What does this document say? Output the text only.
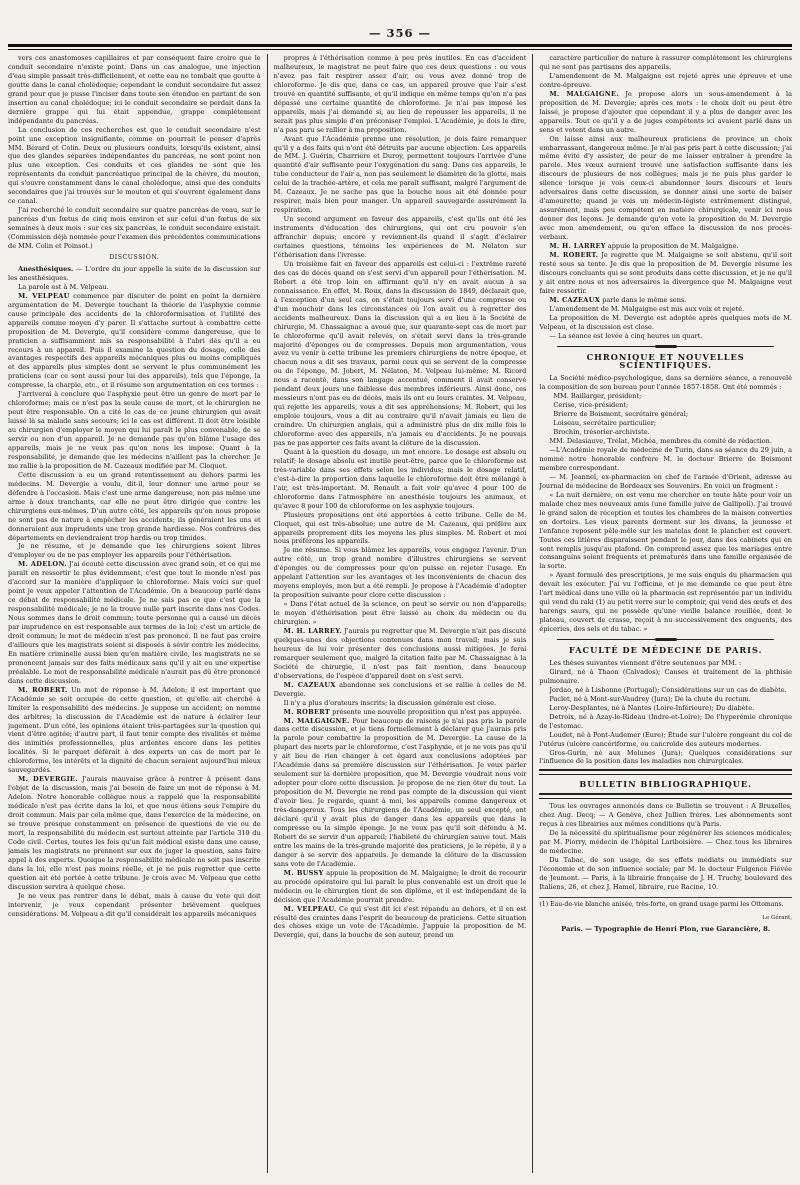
— 356 —

vers ces anastomoses capillaires et par conséquent faire croire que le conduit secondaire n'existe point. Dans un cas analogue, une injection d'eau simple passait très-difficilement, et cette eau ne tombait que goutte à goutte dans le canal cholédoque; cependant le conduit secondaire fut assez grand pour que je pusse l'inciser dans toute son étendue en partant de son insertion au canal cholédoque; ici le conduit secondaire se perdait dans la dernière grappe qui lui était appendue, grappe complétement indépendante du pancréas.

La conclusion de ces recherches est que le conduit secondaire n'est point une exception insignifiante, comme on pourrait le penser d'après MM. Bérard et Colin. Deux ou plusieurs conduits, lorsqu'ils existent, ainsi que des glandes séparées indépendantes du pancréas, ne sont point non plus une exception. Ces conduits et ces glandes ne sont que les représentants du conduit pancréatique principal de la chèvre, du mouton, qui s'ouvre constamment dans le canal cholédoque, ainsi que des conduits secondaires que j'ai trouvés sur le mouton et qui s'ouvrent également dans ce canal.

J'ai recherché le conduit secondaire sur quatre pancréas de veau, sur le pancréas d'un fœtus de cinq mois environ et sur celui d'un fœtus de six semaines à deux mois : sur ces six pancréas, le conduit secondaire existait. (Commission déjà nommée pour l'examen des précédentes communications de MM. Colin et Poinsot.)

DISCUSSION.

Anesthésiques. — L'ordre du jour appelle la suite de la discussion sur les anesthésiques.

La parole est à M. Velpeau.

M. VELPEAU commence par discuter de point en point la dernière argumentation de M. Devergie touchant la théorie de l'asphyxie comme cause principale des accidents de la chloroformisation et l'utilité des appareils comme moyen d'y parer. Il s'attache surtout à combattre cette proposition de M. Devergie, qu'il considère comme dangereuse, que le praticien a suffisamment mis sa responsabilité à l'abri dès qu'il a eu recours à un appareil. Puis il examine la question du dosage, celle des avantages respectifs des appareils mécaniques plus ou moins compliqués et des appareils plus simples dont se servent le plus communément les praticiens (car ce sont aussi pour lui des appareils), tels que l'éponge, la compresse, la charpie, etc., et il résume son argumentation en ces termes :

J'arriverai à conclure que l'asphyxie peut être un genre de mort par le chloroforme; mais ce n'est pas la seule cause de mort, et le chirurgien ne peut être responsable. On a cité le cas de ce jeune chirurgien qui avait laissé là sa malade sans secours; ici le cas est différent. Il doit être loisible au chirurgien d'employer le moyen qui lui paraît le plus convenable, de se servir ou non d'un appareil. Je ne demande pas qu'on blâme l'usage des appareils, mais je ne veux pas qu'on nous les impose. Quant à la responsabilité, je demande que les médecins n'aillent pas la chercher. Je me rallie à la proposition de M. Cazeaux modifiée par M. Cloquet.

Cette discussion a eu un grand retentissement au dehors parmi les médecins. M. Devergie a voulu, dit-il, leur donner une arme pour se défendre à l'occasion. Mais c'est une arme dangereuse, non pas même une arme à deux tranchants, car elle ne peut être dirigée que contre les chirurgiens eux-mêmes. D'un autre côté, les appareils qu'on nous propose ne sont pas de nature à empêcher les accidents; ils généraient les uns et donneraient aux imprudents une trop grande hardiesse. Nos confrères des départements en deviendraient trop hardis ou trop timides.

Je ne résume, et je demande que les chirurgiens soient libres d'employer ou de ne pas employer les appareils pour l'éthérisation.

M. ADELON. J'ai écouté cette discussion avec grand soin, et ce qui me paraît en ressortir le plus évidemment, c'est que tout le monde n'est pas d'accord sur la manière d'appliquer le chloroforme. Mais voici sur quel point je veux appeler l'attention de l'Académie. On a beaucoup parlé dans ce débat de responsabilité médicale. Je ne sais pas ce que c'est que la responsabilité médicale; je ne la trouve nulle part inscrite dans nos Codes. Nous sommes dans le droit commun; toute personne qui a causé un décès par imprudence en est responsable aux termes de la loi; c'est un article de droit commun; le mot de médecin n'est pas prononcé. Il ne faut pas croire d'ailleurs que les magistrats soient si disposés à sévir contre les médecins. En matière criminelle aussi bien qu'en matière civile, les magistrats ne se prononcent jamais sur des faits médicaux sans qu'il y ait eu une expertise préalable. Le mot de responsabilité médicale n'aurait pas dû être prononcé dans cette discussion.

M. ROBERT. Un mot de réponse à M. Adelon; il est important que l'Académie se soit occupée de cette question, et qu'elle ait cherché à limiter la responsabilité des médecins. Je suppose un accident; on nomme des arbitres; la discussion de l'Académie est de nature à éclairer leur jugement. D'un côté, les opinions étaient très-partagées sur la question qui vient d'être agitée; d'autre part, il faut tenir compte des rivalités et même des inimitiés professionnelles, plus ardentes encore dans les petites localités. Si le parquet défèrait à des experts un cas de mort par le chloroforme, les intérêts et la dignité de chacun seraient aujourd'hui mieux sauvegardés.

M. DEVERGIE. J'aurais mauvaise grâce à rentrer à présent dans l'objet de la discussion, mais j'ai besoin de faire un mot de réponse à M. Adelon. Notre honorable collègue nous a rappelé que la responsabilité médicale n'est pas écrite dans la loi, et que nous étions sous l'empire du droit commun. Mais par cela même que, dans l'exercice de la médecine, on se trouve presque constamment en présence de questions de vie ou de mort, la responsabilité du médecin est surtout atteinte par l'article 319 du Code civil. Certes, toutes les fois qu'un fait médical existe dans une cause, jamais les magistrats ne prennent sur eux de juger la question, sans faire appel à des experts. Quoique la responsabilité médicale ne soit pas inscrite dans la loi, elle n'est pas moins réelle, et je ne puis regretter que cette question ait été portée à cette tribune. Je crois avec M. Velpeau que cette discussion servira à quelque chose.

Je ne veux pas rentrer dans le débat, mais à cause du vote qui doit intervenir, je veux cependant présenter brièvement quelques considérations. M. Velpeau a dit qu'il considérait les appareils mécaniques

propres à l'éthérisation comme à peu près inutiles. En cas d'accident malheureux, le magistrat ne peut faire que ces deux questions : ou vous n'avez pas fait respirer assez d'air, ou vous avez donné trop de chloroforme. Je dis que, dans ce cas, un appareil prouve que l'air s'est trouvé en quantité suffisante, et qu'il indique en même temps qu'on n'a pas dépassé une certaine quantité de chloroforme. Je n'ai pas imposé les appareils, mais j'ai demandé si, au lieu de repousser les appareils, il ne serait pas plus simple d'en préconiser l'emploi. L'Académie, je dois le dire, n'a pas paru se rallier à ma proposition.

Avant que l'Académie prenne une résolution, je dois faire remarquer qu'il y a des faits qui n'ont été détruits par aucune objection. Les appareils de MM. J. Guérin, Charrière et Duroy, permettent toujours l'arrivée d'une quantité d'air suffisante pour l'oxygénation du sang. Dans ces appareils, le tube conducteur de l'air a, non pas seulement le diamètre de la glotte, mais celui de la trachée-artère, et cela me paraît suffisant, malgré l'argument de M. Cazeaux. Je ne sache pas que la bouche nous ait été donnée pour respirer, mais bien pour manger. Un appareil sauvegarde assurément la respiration.

Un second argument en faveur des appareils, c'est qu'ils ont été les instruments d'éducation des chirurgiens, qui ont cru pouvoir s'en affranchir depuis; encore y reviennent-ils quand il s'agit d'éclairer certaines questions, témoins les expériences de M. Nélaton sur l'éthérisation dans l'ivresse.

Un troisième fait en faveur des appareils est celui-ci : l'extrême rareté des cas de décès quand on s'est servi d'un appareil pour l'éthérisation. M. Robert a été trop loin en affirmant qu'il n'y en avait aucun à sa connaissance. En effet, M. Roux, dans la discussion de 1849, déclarait que, à l'exception d'un seul cas, on s'était toujours servi d'une compresse ou d'un mouchoir dans les circonstances où l'on avait eu à regretter des accidents malheureux. Dans la discussion qui a eu lieu à la Société de chirurgie, M. Chassaignac a avoué que, sur quarante-sept cas de mort par le chloroforme qu'il avait relevés, on s'était servi dans la très-grande majorité d'éponges ou de compresses. Depuis mon argumentation, vous avez vu venir à cette tribune les premiers chirurgiens de notre époque, et chacun nous a dit ses travaux, parmi ceux qui se servent de la compresse ou de l'éponge, M. Jobert, M. Nélaton, M. Velpeau lui-même; M. Ricord nous a raconté, dans son langage accentué, comment il avait conservé pendant deux jours une faiblesse des membres inférieurs. Ainsi donc, ces messieurs n'ont pas eu de décès, mais ils ont eu leurs craintes. M. Velpeau, qui rejette les appareils, vous a dit ses appréhensions; M. Robert, qui les emploie toujours, vous a dit au contraire qu'il n'avait jamais eu lieu de craindre. Un chirurgien anglais, qui a administré plus de dix mille fois le chloroforme avec des appareils, n'a jamais eu d'accidents. Je ne pouvais pas ne pas apporter ces faits avant la clôture de la discussion.

Quant à la question du dosage, un mot encore. Le dosage est absolu ou relatif; le dosage absolu est inutile peut-être, parce que le chloroforme est très-variable dans ses effets selon les individus; mais le dosage relatif, c'est-à-dire la proportion dans laquelle le chloroforme doit être mélangé à l'air, est très-important. M. Renault a fait voir qu'avec 4 pour 100 de chloroforme dans l'atmosphère on anesthésie toujours les animaux, et qu'avec 8 pour 100 de chloroforme on les asphyxie toujours.

Plusieurs propositions ont été apportées à cette tribune. Celle de M. Cloquet, qui est très-absolue; une autre de M. Cazeaux, qui préfère aux appareils proprement dits les moyens les plus simples. M. Robert et moi nous préférons les appareils.

Je me résume. Si vous blâmez les appareils, vous engagez l'avenir. D'un autre côté, un trop grand nombre d'illustres chirurgiens se servent d'éponges ou de compresses pour qu'on puisse en rejeter l'usage. En appelant l'attention sur les avantages et les inconvénients de chacun des moyens employés, mon but a été rempli. Je propose à l'Académie d'adopter la proposition suivante pour clore cette discussion :

« Dans l'état actuel de la science, on peut se servir ou non d'appareils; le moyen d'éthérisation peut être laissé au choix du médecin ou du chirurgien. »

M. H. LARREY. J'aurais pu regretter que M. Devergie n'ait pas discuté quelques-unes des objections contenues dans mon travail; mais je suis heureux de lui voir présenter des conclusions aussi mitigées. Je ferai remarquer seulement que, malgré la citation faite par M. Chassaignac à la Société de chirurgie, il n'est pas fait mention, dans beaucoup d'observations, de l'espèce d'appareil dont on s'est servi.

M. CAZEAUX abandonne ses conclusions et se rallie à celles de M. Devergie.

Il n'y a plus d'orateurs inscrits; la discussion générale est close.

M. ROBERT présente une nouvelle proposition qui n'est pas appuyée.

M. MALGAIGNE. Pour beaucoup de raisons je n'ai pas pris la parole dans cette discussion, et je tiens formellement à déclarer que j'aurais pris la parole pour combattre la proposition de M. Devergie. La cause de la plupart des morts par le chloroforme, c'est l'asphyxie, et je ne vois pas qu'il y ait lieu de rien changer à cet égard aux conclusions adoptées par l'Académie dans sa première discussion sur l'éthérisation. Je veux parler seulement sur la dernière proposition, que M. Devergie voudrait nous voir adopter pour clore cette discussion. Je propose de ne rien ôter du tout. La proposition de M. Devergie ne rend pas compte de la discussion qui vient d'avoir lieu. Je regarde, quant à moi, les appareils comme dangereux et très-dangereux. Tous les chirurgiens de l'Académie, un seul excepté, ont déclaré qu'il y avait plus de danger dans les appareils que dans la compresse ou la simple éponge. Je ne veux pas qu'il soit défendu à M. Robert de se servir d'un appareil; l'habileté du chirurgien sauve tout. Mais entre les mains de la très-grande majorité des praticiens, je le répète, il y a danger à se servir des appareils. Je demande la clôture de la discussion sans vote de l'Académie.

M. BUSSY appuie la proposition de M. Malgaigne; le droit de recourir au procédé opératoire qui lui paraît le plus convenable est un droit que le médecin ou le chirurgien tient de son diplôme, et il est indépendant de la décision que l'Académie pourrait prendre.

M. VELPEAU. Ce qui s'est dit ici s'est répandu au dehors, et il en est résulté des craintes dans l'esprit de beaucoup de praticiens. Cette situation des choses exige un vote de l'Académie. J'appuie la proposition de M. Devergie, qui, dans la bouche de son auteur, prend un

caractère particulier de nature à rassurer complétement les chirurgiens qui ne sont pas partisans des appareils.

L'amendement de M. Malgaigne est rejeté après une épreuve et une contre-épreuve.

M. MALGAIGNE. Je propose alors un sous-amendement à la proposition de M. Devergie; après ces mots : le choix doit ou peut être laissé, je propose d'ajouter que cependant il y a plus de danger avec les appareils. Tout ce qu'il y a de juges compétents ici avaient parlé dans un sens et votent dans un autre.

On laisse ainsi aux malheureux praticiens de province un choix embarrassant, dangereux même. Je n'ai pas pris part à cette discussion; j'ai même évité d'y assister, de peur de me laisser entraîner à prendre la parole. Mes vœux auraient trouvé une satisfaction suffisante dans les discours de plusieurs de nos collègues; mais je ne puis plus garder le silence lorsque je vois ceux-ci abandonner leurs discours et leurs adversaires dans cette discussion, se donner ainsi une sorte de baiser d'amourette; quand je vois un médecin-légiste extrêmement distingué, assurément, mais peu compétent en matière chirurgicale, venir ici nous donner des leçons. Je demande qu'on vote la proposition de M. Devergie avec mon amendement, ou qu'on efface la discussion de nos procès-verbaux.

M. H. LARREY appuie la proposition de M. Malgaigne.

M. ROBERT. Je regrette que M. Malgaigne se soit abstenu, qu'il soit resté sous sa tente. Je dis que la proposition de M. Devergie résume les discours concluants qui se sont produits dans cette discussion, et je ne qu'il y ait entre nous et nos adversaires la divergence que M. Malgaigne veut faire ressortir.

M. CAZEAUX parle dans le même sens.

L'amendement de M. Malgaigne est mis aux voix et rejeté.

La proposition de M. Devergie est adoptée après quelques mots de M. Velpeau, et la discussion est close.

— La séance est levée à cinq heures un quart.

CHRONIQUE ET NOUVELLES SCIENTIFIQUES.

La Société médico-psychologique, dans sa dernière séance, a renouvelé la composition de son bureau pour l'année 1857-1858. Ont été nommés :

MM. Baillarger, président;
Cerise, vice-président;
Brierre de Boismont, secrétaire général;
Loiseau, secrétaire particulier;
Brochin, trésorier-archiviste.

MM. Delasiauve, Trélat, Michéa, membres du comité de rédaction.

—L'Académie royale de médecine de Turin, dans sa séance du 29 juin, a nommé notre honorable confrère M. le docteur Brierre de Boismont membre correspondant.

— M. Jeannel, ex-pharmacien en chef de l'armée d'Orient, adresse au Journal de médecine de Bordeaux ses Souvenirs. En voici un fragment :

« La nuit dernière, on est venu me chercher en toute hâte pour voir un malade chez mes nouveaux amis (une famille juive de Gallipoli). J'ai trouvé le grand salon de réception et toutes les chambres de la maison converties en dortoirs. Les vieux parents dorment sur les divans, la jeunesse et l'enfance reposent pêle-mêle sur les matelas dont le plancher est couvert. Toutes ces litières disparaissent pendant le jour, dans des cabinets qui en sont remplis jusqu'au plafond. On comprend assez que les mariages entre consanguins soient fréquents et prématurés dans une famille organisée de la sorte.

» Ayant formulé des prescriptions, je me suis enquis du pharmacien qui devait les exécuter. J'ai vu l'officine, et je me demande ce que peut être l'art médical dans une ville où la pharmacie est représentée par un individu qui vend du raki (1) au petit verre sur le comptoir, qui vend des œufs et des harengs saurs, qui ne possède qu'une vieille balance rouillée, dont le plateau, couvert de crasse, reçoit à nu successivement des onguents, des épiceries, des sels et du tabac. »

FACULTÉ DE MÉDECINE DE PARIS.

Les thèses suivantes viennent d'être soutenues par MM. :

Girard, né à Thaon (Calvados); Causes et traitement de la phthisie pulmonaire.

Jordao, né à Lisbonne (Portugal); Considérations sur un cas de diabète.

Paclet, né à Mont-sur-Vaudrey (Jura); De la chute du rectum.

Leroy-Desplantes, né à Nantes (Loire-Inférieure); Du diabète.

Detroix, né à Azay-le-Rideau (Indre-et-Loire); De l'hyperémie chronique de l'estomac.

Loudet, né à Pont-Audemer (Eure); Étude sur l'ulcère rongeant du col de l'utérus (ulcère cancériforme, ou cancroïde des auteurs modernes.

Gros-Gurin, né aux Molunes (Jura); Quelques considérations sur l'influence de la position dans les maladies non chirurgicales.

BULLETIN BIBLIOGRAPHIQUE.

Tous les ouvrages annoncés dans ce Bulletin se trouvent : A Bruxelles, chez Aug. Decq; — A Genève, chez Jullien frères. Les abonnements sont reçus à ces librairies aux mêmes conditions qu'à Paris.

De la nécessité du spiritualisme pour régénérer les sciences médicales; par M. Piorry, médecin de l'hôpital Lariboisière. — Chez tous les libraires de médecine.

Du Tabac, de son usage, de ses effets médiats ou immédiats sur l'économie et de son influence sociale; par M. le docteur Fulgence Fièvée de Jeumont. — Paris, à la librairie française de J. H. Truchy, boulevard des Italiens, 26, et chez J. Hamel, libraire, rue Racine, 10.

(1) Eau-de-vie blanche anisée, très-forte, en grand usage parmi les Ottomans.

Le Gérant,

Paris. — Typographie de Henri Plon, rue Garancière, 8.
